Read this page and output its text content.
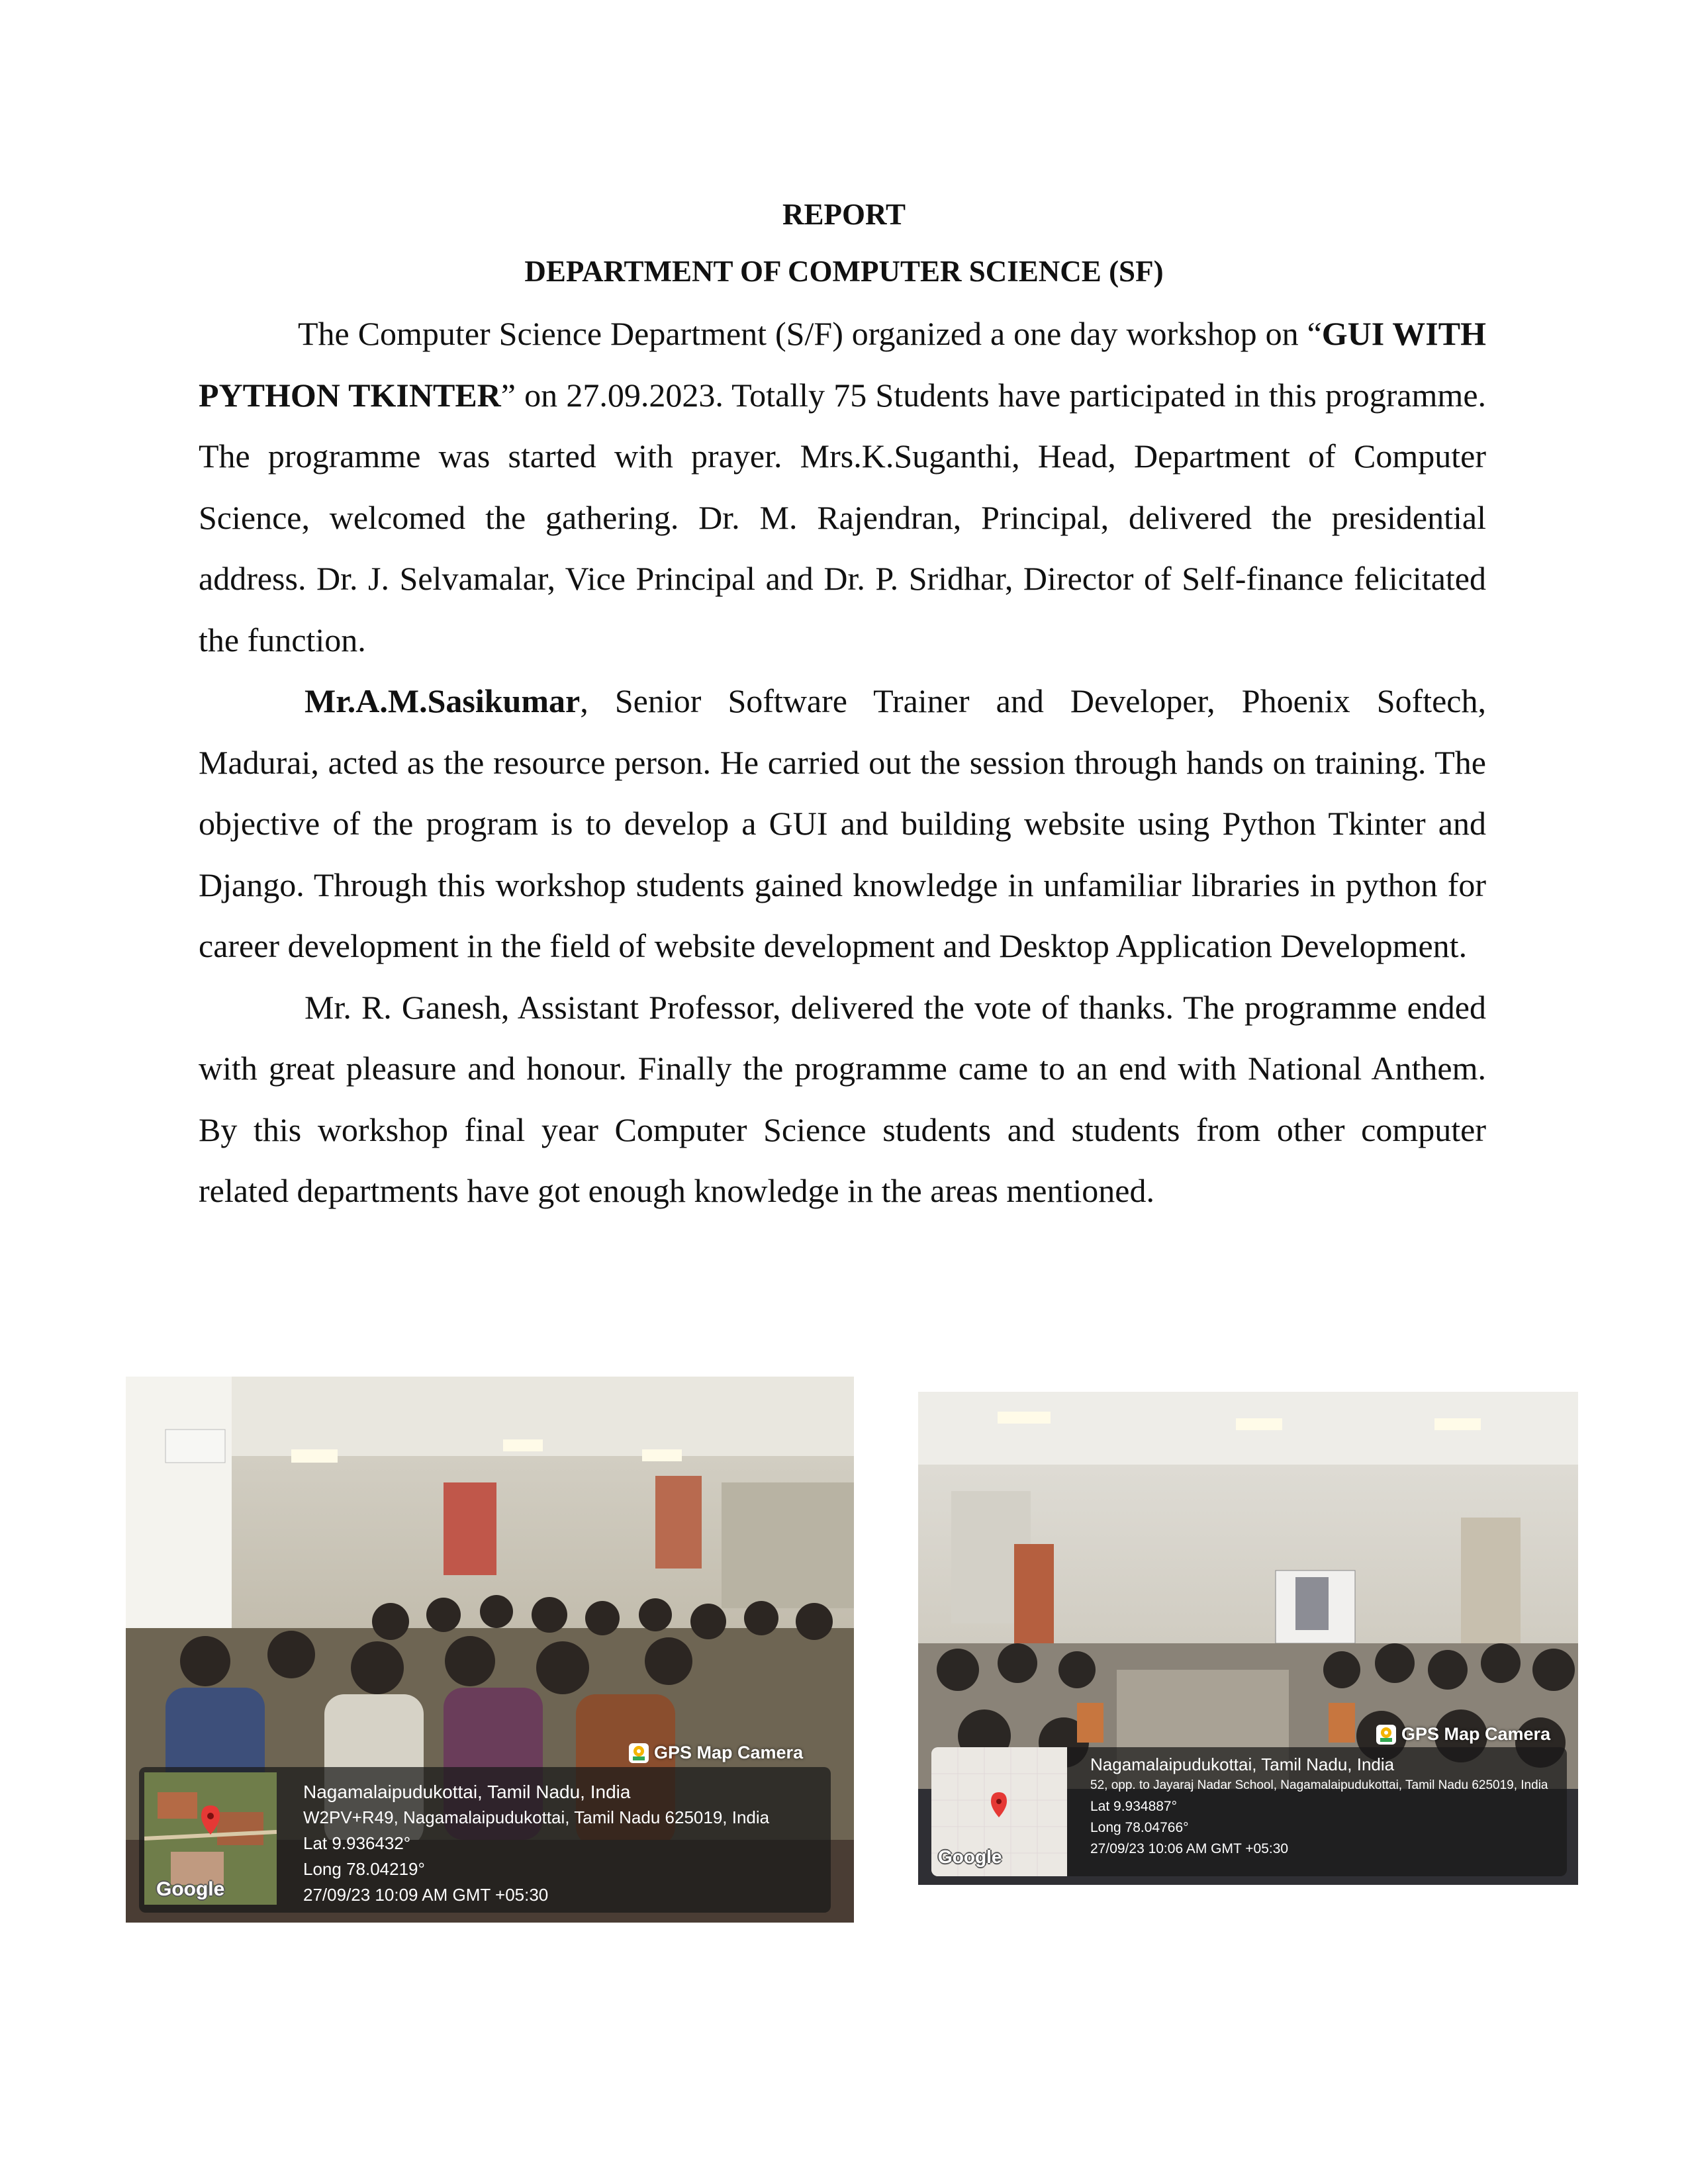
REPORT
DEPARTMENT OF COMPUTER SCIENCE (SF)

The Computer Science Department (S/F) organized a one day workshop on “GUI WITH PYTHON TKINTER” on 27.09.2023. Totally 75 Students have participated in this programme. The programme was started with prayer. Mrs.K.Suganthi, Head, Department of Computer Science, welcomed the gathering. Dr. M. Rajendran, Principal, delivered the presidential address. Dr. J. Selvamalar, Vice Principal and Dr. P. Sridhar, Director of Self-finance felicitated the function.

Mr.A.M.Sasikumar, Senior Software Trainer and Developer, Phoenix Softech, Madurai, acted as the resource person. He carried out the session through hands on training. The objective of the program is to develop a GUI and building website using Python Tkinter and Django. Through this workshop students gained knowledge in unfamiliar libraries in python for career development in the field of website development and Desktop Application Development.

Mr. R. Ganesh, Assistant Professor, delivered the vote of thanks. The programme ended with great pleasure and honour. Finally the programme came to an end with National Anthem. By this workshop final year Computer Science students and students from other computer related departments have got enough knowledge in the areas mentioned.

GPS Map Camera
Google
Nagamalaipudukottai, Tamil Nadu, India
W2PV+R49, Nagamalaipudukottai, Tamil Nadu 625019, India
Lat 9.936432°
Long 78.04219°
27/09/23 10:09 AM GMT +05:30
GPS Map Camera
Google
Nagamalaipudukottai, Tamil Nadu, India
52, opp. to Jayaraj Nadar School, Nagamalaipudukottai, Tamil Nadu 625019, India
Lat 9.934887°
Long 78.04766°
27/09/23 10:06 AM GMT +05:30
